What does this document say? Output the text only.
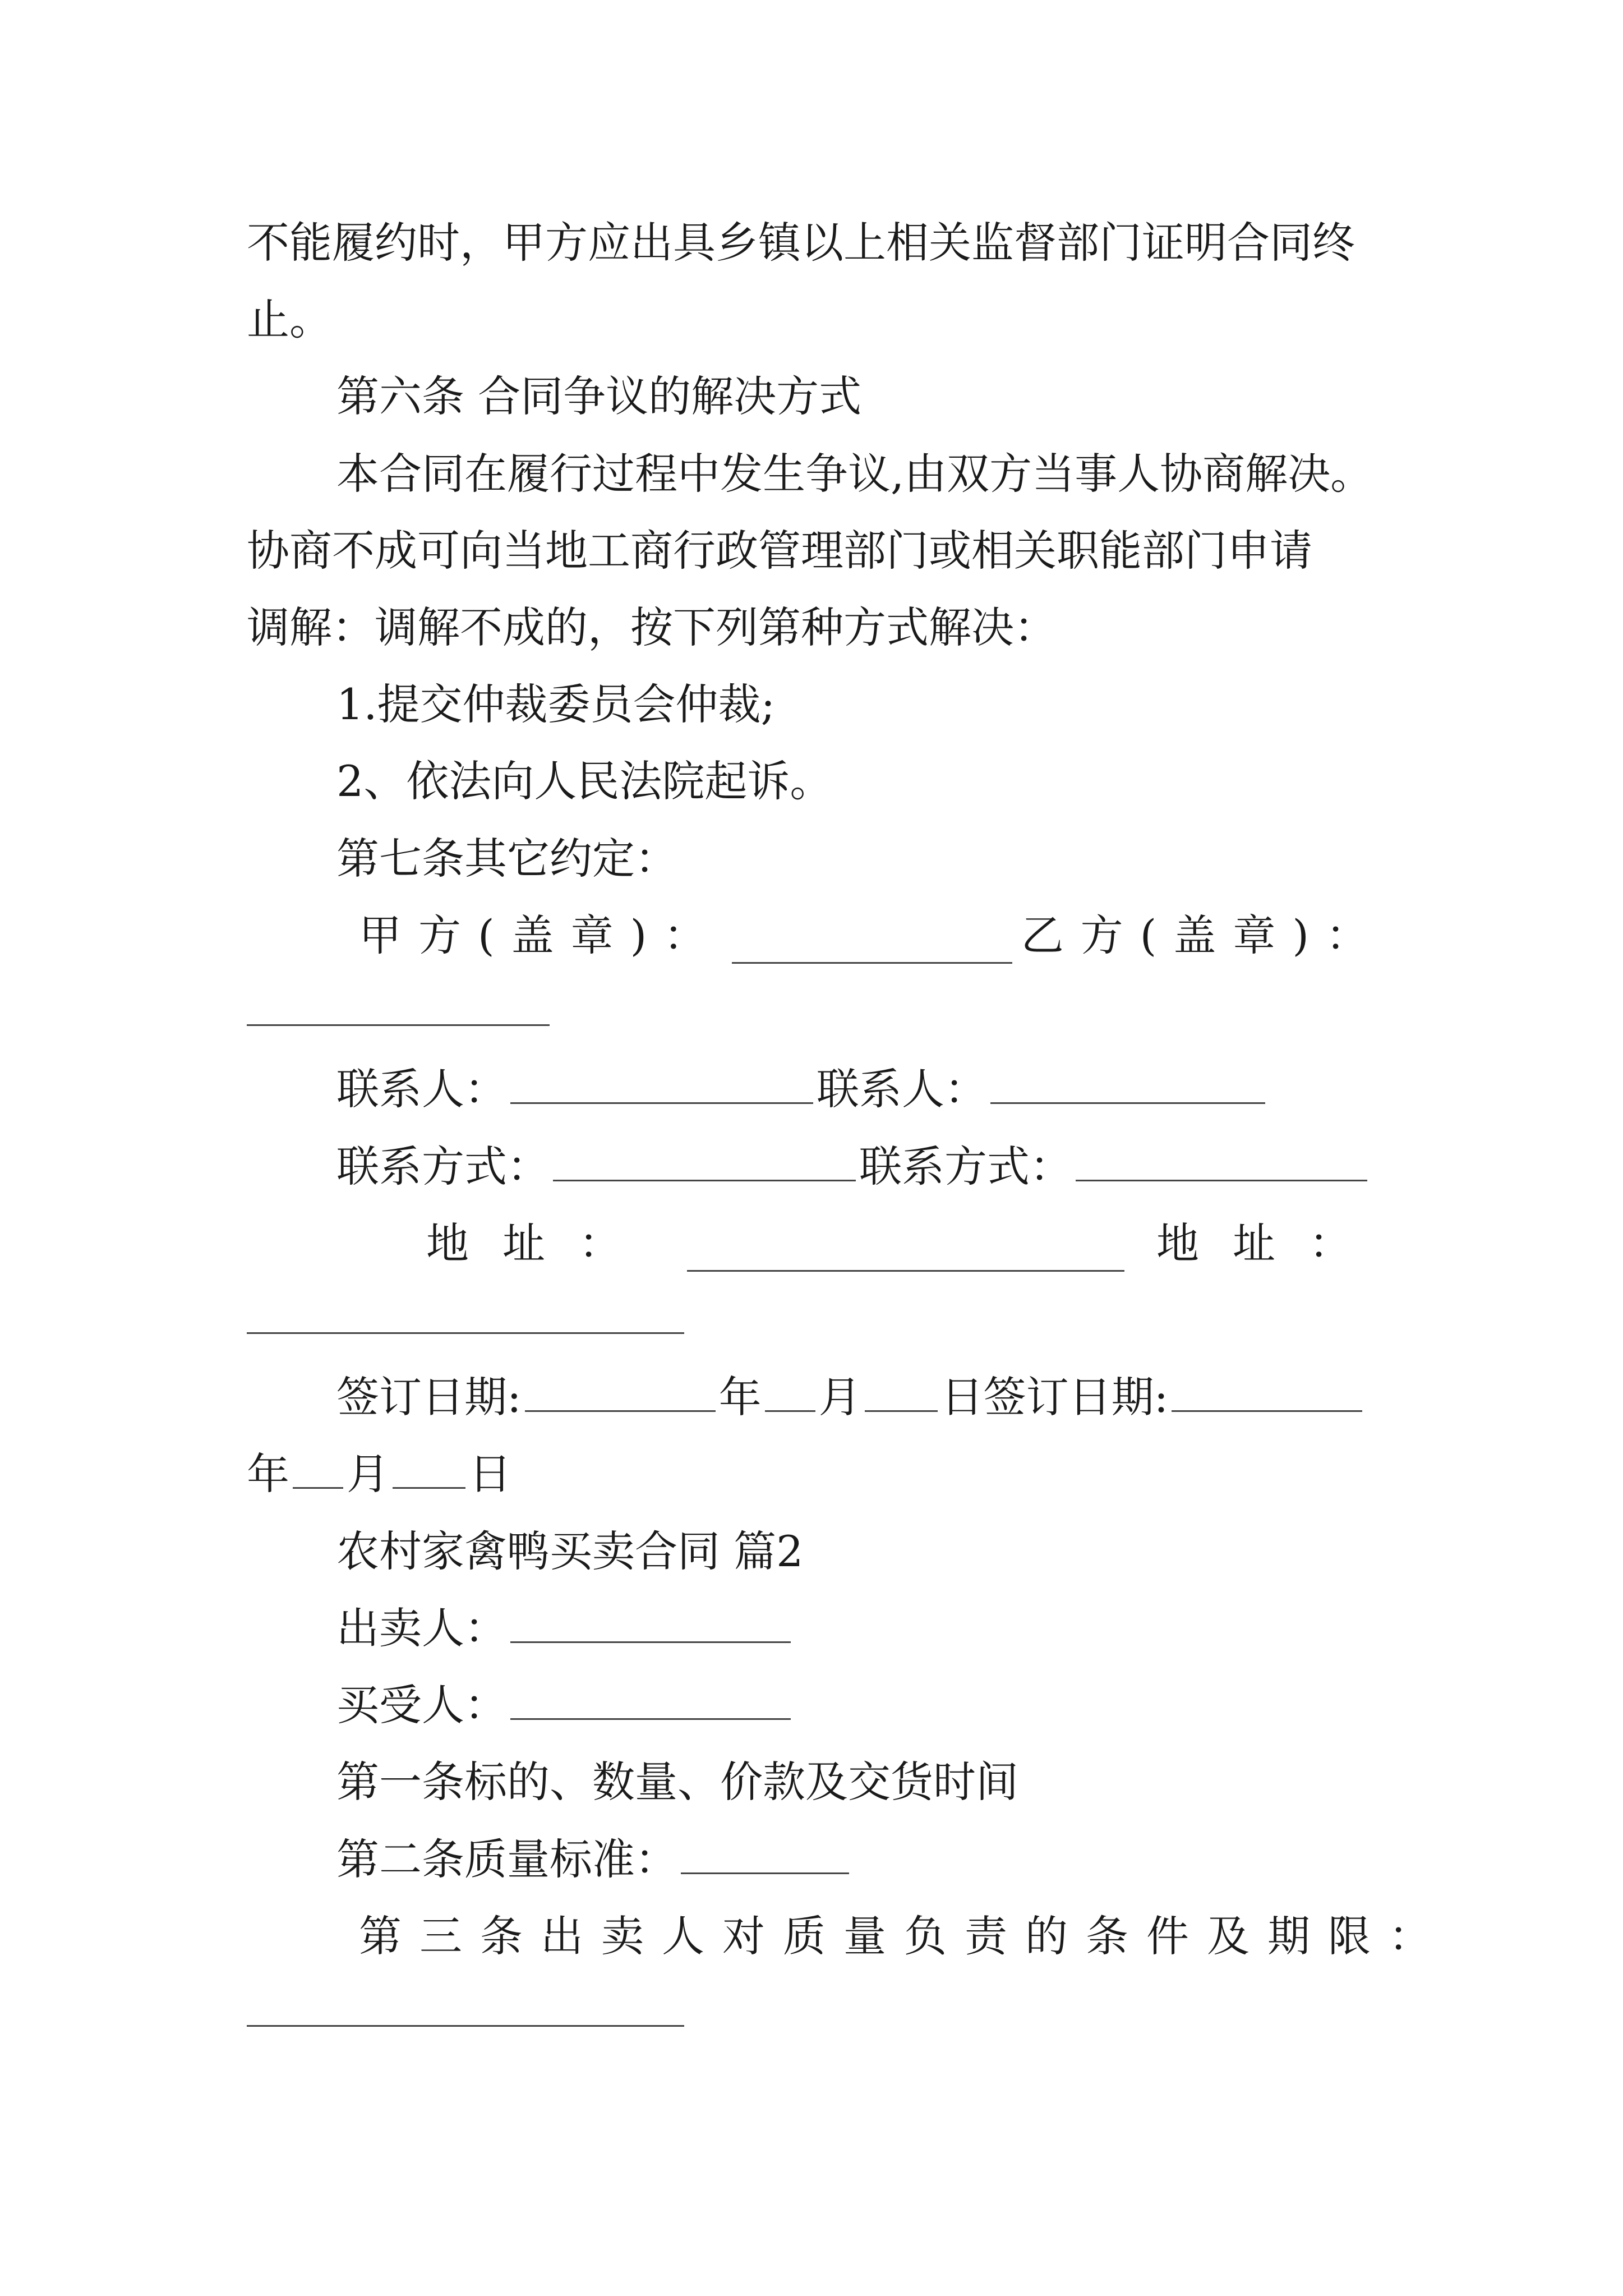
不能履约时，甲方应出具乡镇以上相关监督部门证明合同终
止。
第六条 合同争议的解决方式
本合同在履行过程中发生争议,由双方当事人协商解决。
协商不成可向当地工商行政管理部门或相关职能部门申请
调解：调解不成的，按下列第种方式解决：
1.提交仲裁委员会仲裁;
2、依法向人民法院起诉。
第七条其它约定：
甲方(盖章)：	乙方(盖章)：
联系人：	联系人：
联系方式：	联系方式：
地址：	地址：
签订日期:	年 月 日签订日期:
年 月 日
农村家禽鸭买卖合同 篇2
出卖人：
买受人：
第一条标的、数量、价款及交货时间
第二条质量标准：
第三条出卖人对质量负责的条件及期限：
